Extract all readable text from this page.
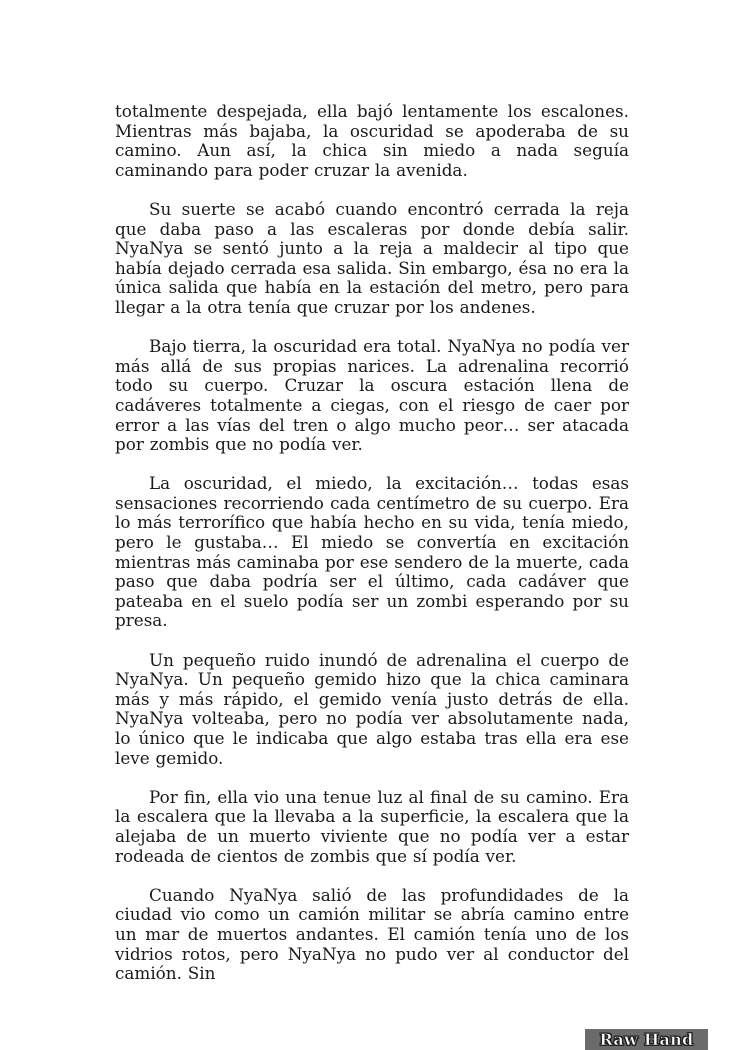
totalmente despejada, ella bajó lentamente los escalones. Mientras más bajaba, la oscuridad se apoderaba de su camino. Aun así, la chica sin miedo a nada seguía caminando para poder cruzar la avenida.

Su suerte se acabó cuando encontró cerrada la reja que daba paso a las escaleras por donde debía salir. NyaNya se sentó junto a la reja a maldecir al tipo que había dejado cerrada esa salida. Sin embargo, ésa no era la única salida que había en la estación del metro, pero para llegar a la otra tenía que cruzar por los andenes.

Bajo tierra, la oscuridad era total. NyaNya no podía ver más allá de sus propias narices. La adrenalina recorrió todo su cuerpo. Cruzar la oscura estación llena de cadáveres totalmente a ciegas, con el riesgo de caer por error a las vías del tren o algo mucho peor… ser atacada por zombis que no podía ver.

La oscuridad, el miedo, la excitación… todas esas sensaciones recorriendo cada centímetro de su cuerpo. Era lo más terrorífico que había hecho en su vida, tenía miedo, pero le gustaba… El miedo se convertía en excitación mientras más caminaba por ese sendero de la muerte, cada paso que daba podría ser el último, cada cadáver que pateaba en el suelo podía ser un zombi esperando por su presa.

Un pequeño ruido inundó de adrenalina el cuerpo de NyaNya. Un pequeño gemido hizo que la chica caminara más y más rápido, el gemido venía justo detrás de ella. NyaNya volteaba, pero no podía ver absolutamente nada, lo único que le indicaba que algo estaba tras ella era ese leve gemido.

Por fin, ella vio una tenue luz al final de su camino. Era la escalera que la llevaba a la superficie, la escalera que la alejaba de un muerto viviente que no podía ver a estar rodeada de cientos de zombis que sí podía ver.

Cuando NyaNya salió de las profundidades de la ciudad vio como un camión militar se abría camino entre un mar de muertos andantes. El camión tenía uno de los vidrios rotos, pero NyaNya no pudo ver al conductor del camión. Sin

Raw Hand
